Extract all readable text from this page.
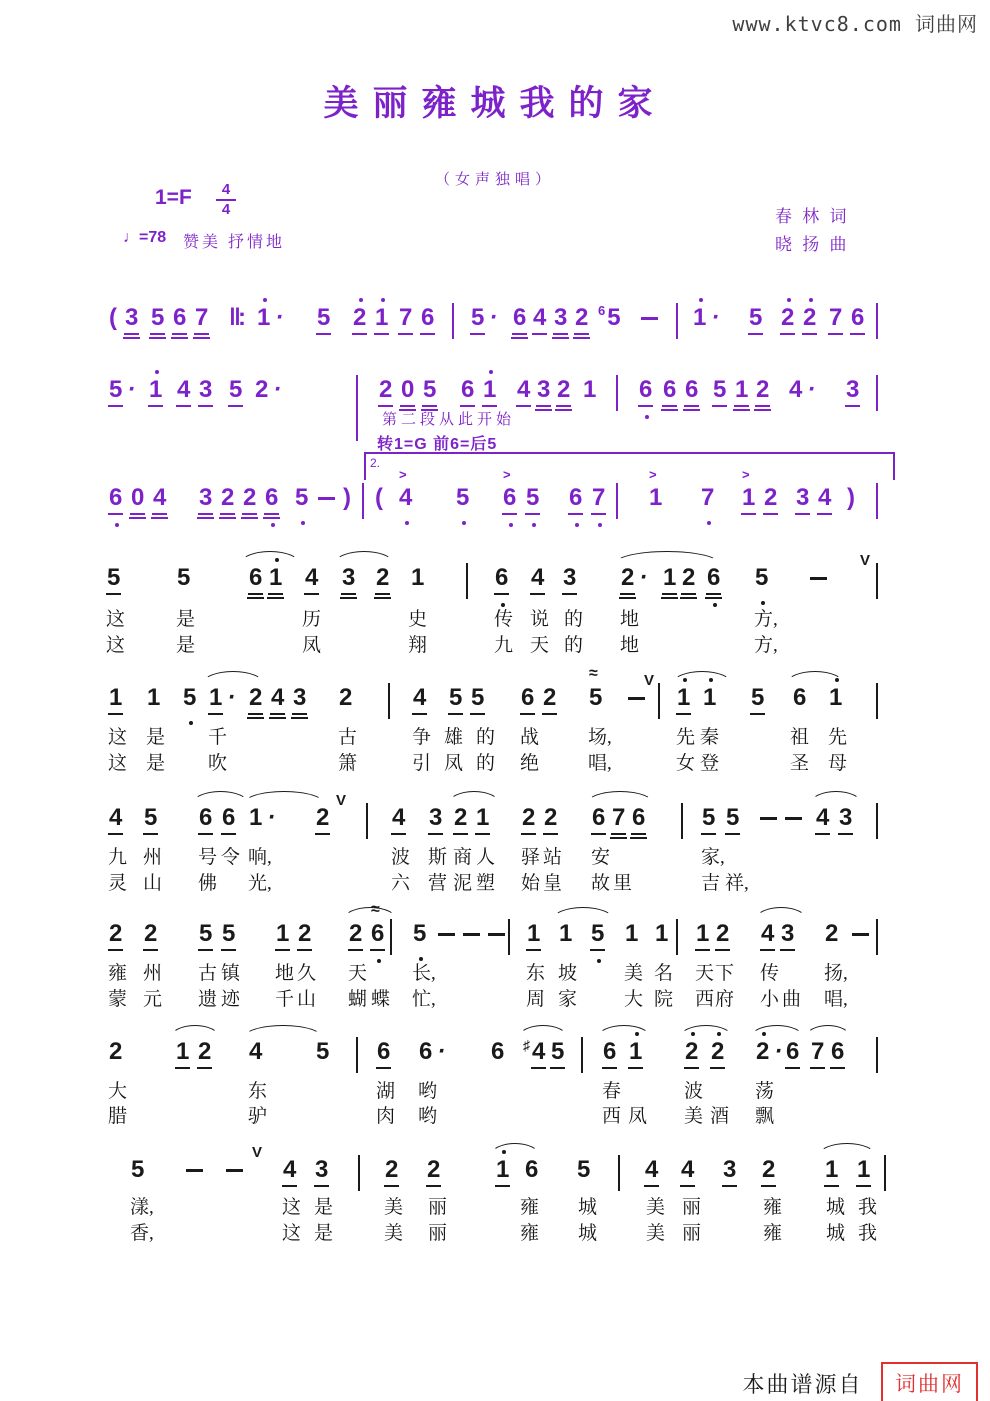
www.ktvc8.com 词曲网
美丽雍城我的家
（女声独唱）
$1=F \frac{4}{4}$
♩=78 赞美 抒情地
春 林 词
晓 扬 曲
第二段从此开始
转1=G 前6=后5
2.
( 3 5 6 7 ‖: 1 · 5 2 1 7 6 5 · 6 4 3 2 $^6$5	1 · 5 2 2 7 6
5 · 1 4 3 5 2 ·	2 0 5 6 1 4 3 2 1 6 6 6 5 1 2 4 · 3
6 0 4 3 2 2 6 5 ) (
>
4 5
>
6 5 6 7
>
1 7
>
1 2 3 4 )
5 5 6 1 4 3 2 1	6 4 3 2 · 1 2 6 5
V
这	是	历	史	传 说 的 地	方,
这	是	凤	翔	九 天 的 地	方,
1 1 5 1 · 2 4 3 2	4 5 5 6 2
≈
5
V
1 1 5 6 1
这 是 千	古	争 雄 的 战	场,	先 秦	祖 先
这 是 吹	箫	引 凤 的 绝	唱,	女 登	圣 母
4 5 6 6 1 · 2
V
4 3 2 1 2 2 6 7 6 5 5	4 3
九 州 号 令 响,	波 斯 商 人 驿 站 安	家,
灵 山 佛 光,	六 营 泥 塑 始 皇 故 里	吉 祥,
2 2 5 5 1 2 2
≈
6 5	1 1 5 1 1 1 2 4 3 2
雍 州 古 镇 地 久 天 长,	东 坡 美 名 天 下 传 扬,
蒙 元 遗 迹 千 山 蝴 蝶 忙,	周 家 大 院 西 府 小 曲 唱,
2 1 2 4 5 6 6 · 6 ♯4 5 6 1 2 2 2 · 6 7 6
大	东	湖 哟	春	波	荡
腊	驴	肉 哟	西 凤 美 酒 飘
5
V
4 3 2 2 1 6 5 4 4 3 2 1 1
漾,	这 是	美 丽	雍 城	美 丽	雍 城 我
香,	这 是	美 丽	雍 城	美 丽	雍 城 我
本曲谱源自 词曲网
